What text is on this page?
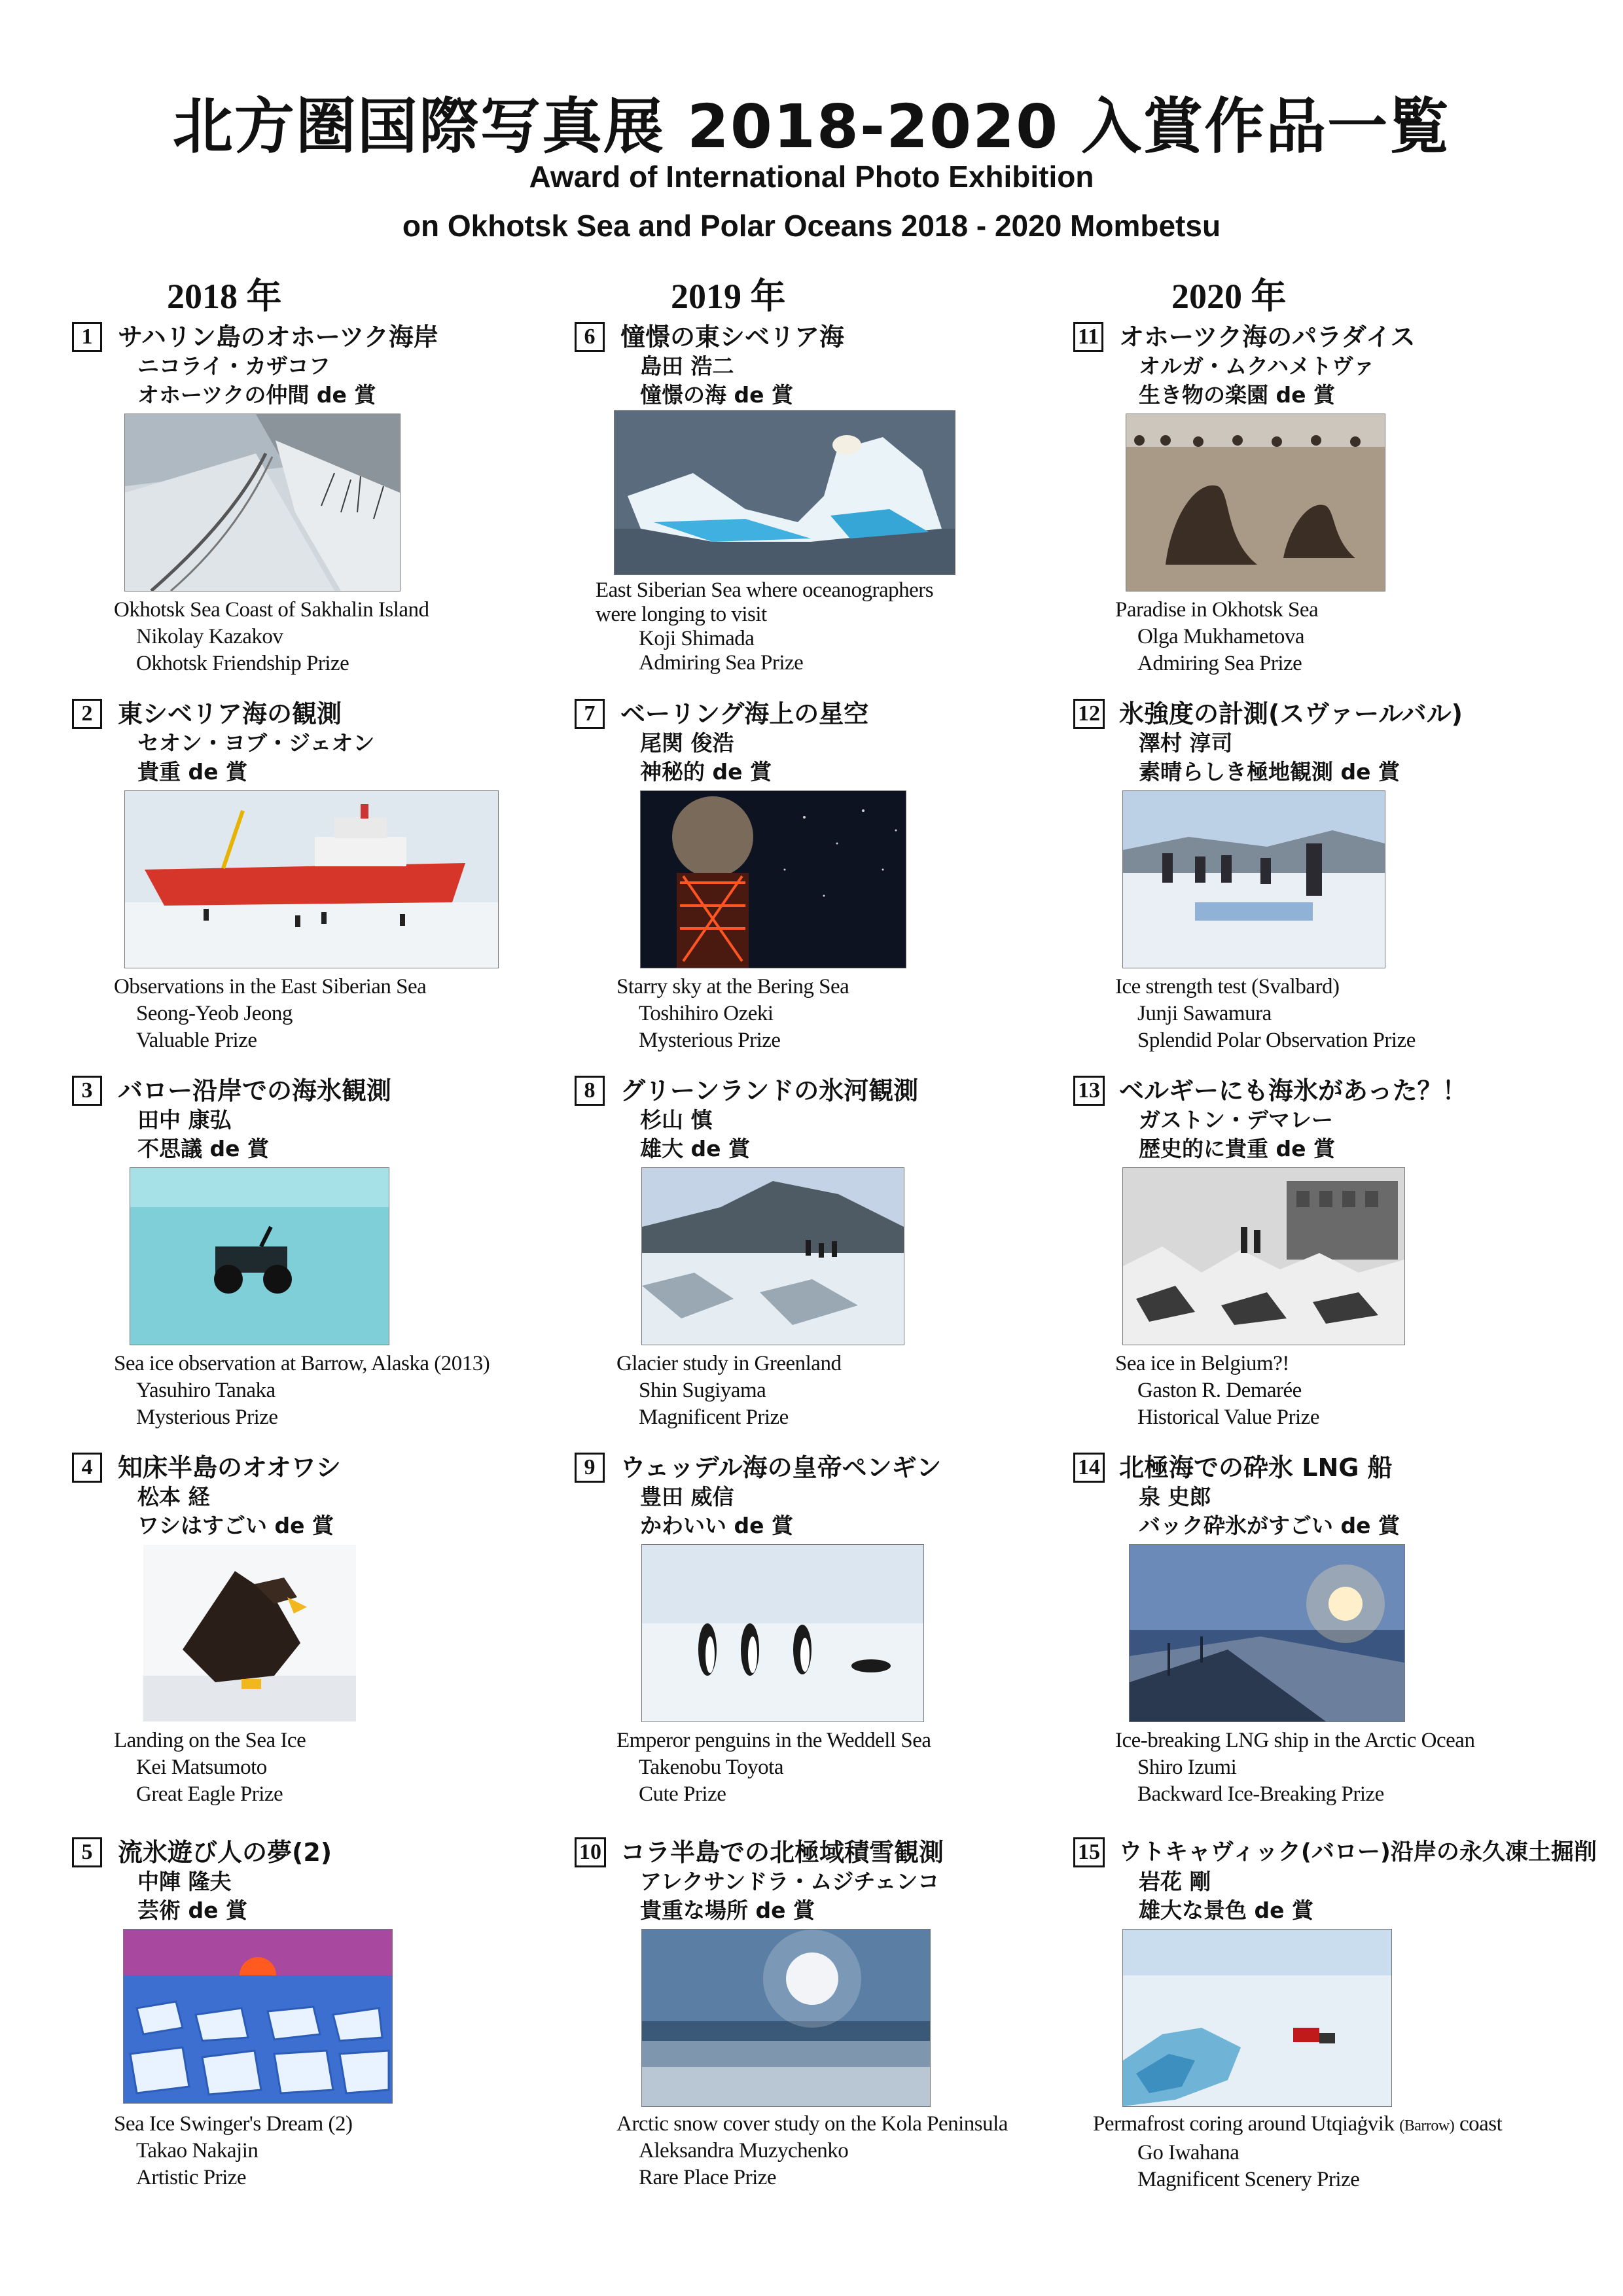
北方圏国際写真展 2018-2020 入賞作品一覧
Award of International Photo Exhibition
on Okhotsk Sea and Polar Oceans 2018 - 2020 Mombetsu
2018 年	2019 年	2020 年
1	サハリン島のオホーツク海岸
ニコライ・カザコフ
オホーツクの仲間 de 賞
Okhotsk Sea Coast of Sakhalin Island
Nikolay Kazakov
Okhotsk Friendship Prize
2	東シベリア海の観測
セオン・ヨブ・ジェオン
貴重 de 賞
Observations in the East Siberian Sea
Seong-Yeob Jeong
Valuable Prize
3	バロー沿岸での海氷観測
田中 康弘
不思議 de 賞
Sea ice observation at Barrow, Alaska (2013)
Yasuhiro Tanaka
Mysterious Prize
4	知床半島のオオワシ
松本 経
ワシはすごい de 賞
Landing on the Sea Ice
Kei Matsumoto
Great Eagle Prize
5	流氷遊び人の夢(2)
中陣 隆夫
芸術 de 賞
Sea Ice Swinger's Dream (2)
Takao Nakajin
Artistic Prize
6	憧憬の東シベリア海
島田 浩二
憧憬の海 de 賞
East Siberian Sea where oceanographers
were longing to visit
Koji Shimada
Admiring Sea Prize
7	ベーリング海上の星空
尾関 俊浩
神秘的 de 賞
Starry sky at the Bering Sea
Toshihiro Ozeki
Mysterious Prize
8	グリーンランドの氷河観測
杉山 慎
雄大 de 賞
Glacier study in Greenland
Shin Sugiyama
Magnificent Prize
9	ウェッデル海の皇帝ペンギン
豊田 威信
かわいい de 賞
Emperor penguins in the Weddell Sea
Takenobu Toyota
Cute Prize
10 コラ半島での北極域積雪観測
アレクサンドラ・ムジチェンコ
貴重な場所 de 賞
Arctic snow cover study on the Kola Peninsula
Aleksandra Muzychenko
Rare Place Prize
11 オホーツク海のパラダイス
オルガ・ムクハメトヴァ
生き物の楽園 de 賞
Paradise in Okhotsk Sea
Olga Mukhametova
Admiring Sea Prize
12 氷強度の計測(スヴァールバル)
澤村 淳司
素晴らしき極地観測 de 賞
Ice strength test (Svalbard)
Junji Sawamura
Splendid Polar Observation Prize
13 ベルギーにも海氷があった？！
ガストン・デマレー
歴史的に貴重 de 賞
Sea ice in Belgium?!
Gaston R. Demarée
Historical Value Prize
14 北極海での砕氷 LNG 船
泉 史郎
バック砕氷がすごい de 賞
Ice-breaking LNG ship in the Arctic Ocean
Shiro Izumi
Backward Ice-Breaking Prize
15 ウトキャヴィック(バロー)沿岸の永久凍土掘削
岩花 剛
雄大な景色 de 賞
Permafrost coring around Utqiaġvik (Barrow) coast
Go Iwahana
Magnificent Scenery Prize
